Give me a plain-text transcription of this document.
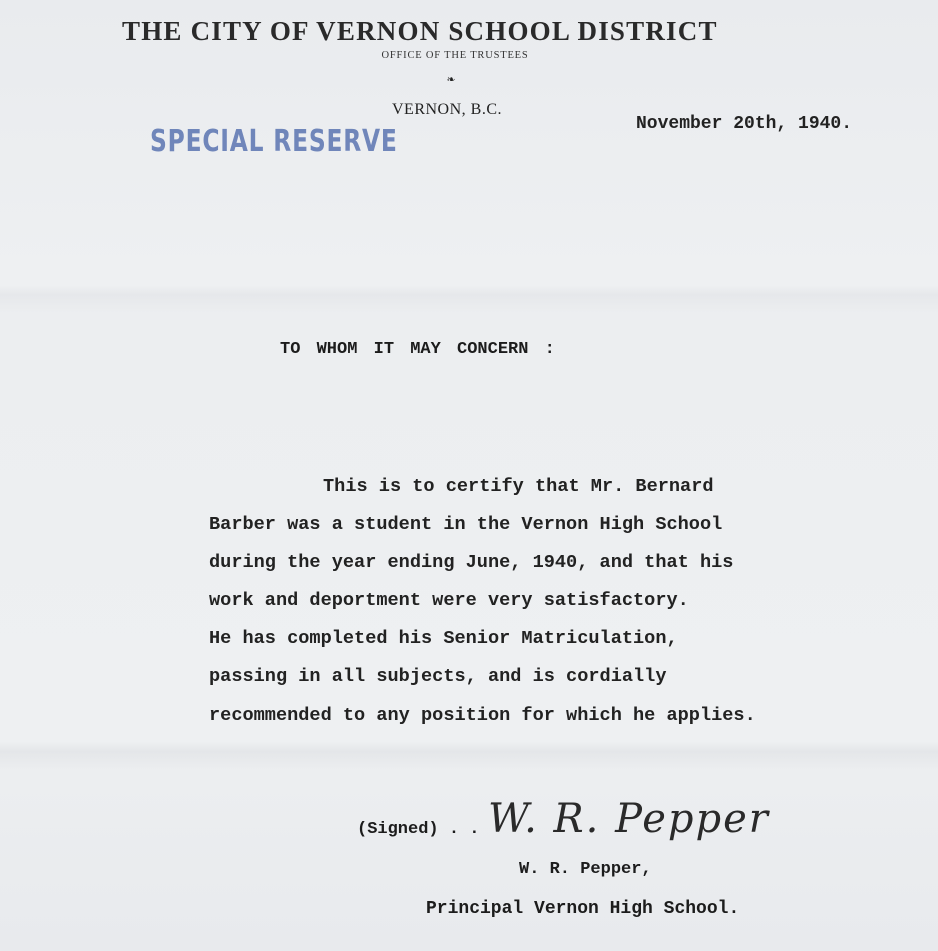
THE CITY OF VERNON SCHOOL DISTRICT
OFFICE OF THE TRUSTEES
❧
VERNON, B.C.
November 20th, 1940.
SPECIAL RESERVE
TO WHOM IT MAY CONCERN :
This is to certify that Mr. Bernard
Barber was a student in the Vernon High School
during the year ending June, 1940, and that his
work and deportment were very satisfactory.
He has completed his Senior Matriculation,
passing in all subjects, and is cordially
recommended to any position for which he applies.
(Signed) . . W. R. Pepper
W. R. Pepper,
Principal Vernon High School.
